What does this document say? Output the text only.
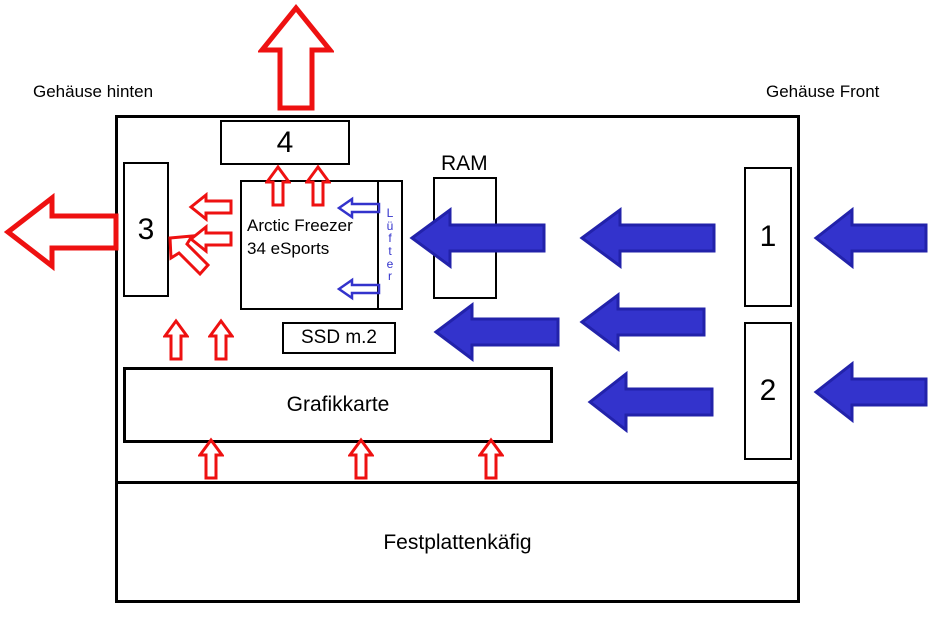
Gehäuse hinten	Gehäuse Front
4
3	1
2
RAM
Arctic Freezer
34 eSports
L
ü
f
t
e
r
SSD m.2
Grafikkarte
Festplattenkäfig
